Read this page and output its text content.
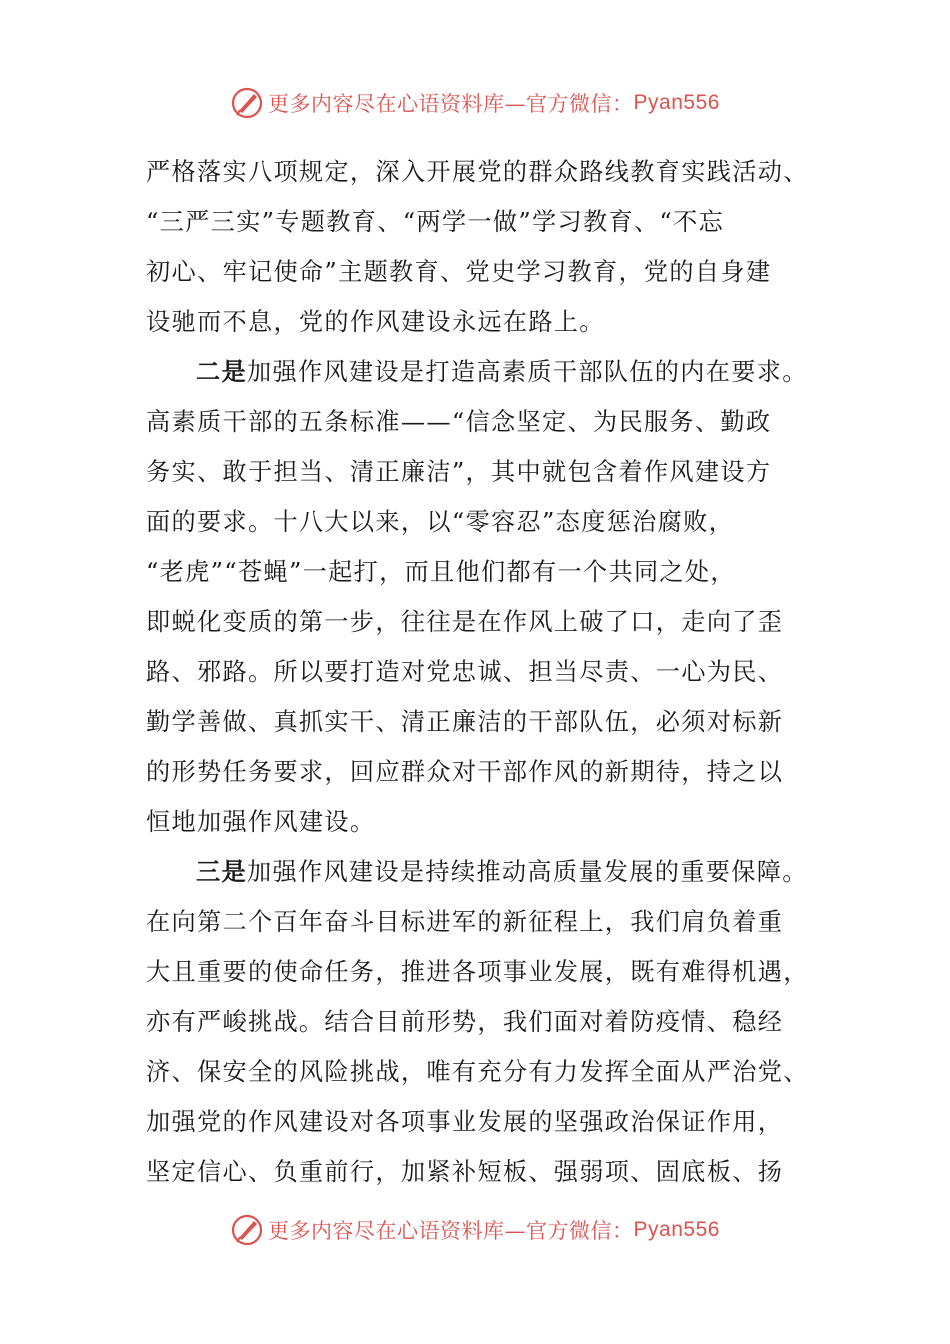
更多内容尽在心语资料库—官方微信： Pyan556
严格落实八项规定，深入开展党的群众路线教育实践活动、
“三严三实”专题教育、“两学一做”学习教育、“不忘
初心、牢记使命”主题教育、党史学习教育，党的自身建
设驰而不息，党的作风建设永远在路上。
二是加强作风建设是打造高素质干部队伍的内在要求。
高素质干部的五条标准——“信念坚定、为民服务、勤政
务实、敢于担当、清正廉洁”，其中就包含着作风建设方
面的要求。十八大以来，以“零容忍”态度惩治腐败，
“老虎”“苍蝇”一起打，而且他们都有一个共同之处，
即蜕化变质的第一步，往往是在作风上破了口，走向了歪
路、邪路。所以要打造对党忠诚、担当尽责、一心为民、
勤学善做、真抓实干、清正廉洁的干部队伍，必须对标新
的形势任务要求，回应群众对干部作风的新期待，持之以
恒地加强作风建设。
三是加强作风建设是持续推动高质量发展的重要保障。
在向第二个百年奋斗目标进军的新征程上，我们肩负着重
大且重要的使命任务，推进各项事业发展，既有难得机遇，
亦有严峻挑战。结合目前形势，我们面对着防疫情、稳经
济、保安全的风险挑战，唯有充分有力发挥全面从严治党、
加强党的作风建设对各项事业发展的坚强政治保证作用，
坚定信心、负重前行，加紧补短板、强弱项、固底板、扬
更多内容尽在心语资料库—官方微信： Pyan556
